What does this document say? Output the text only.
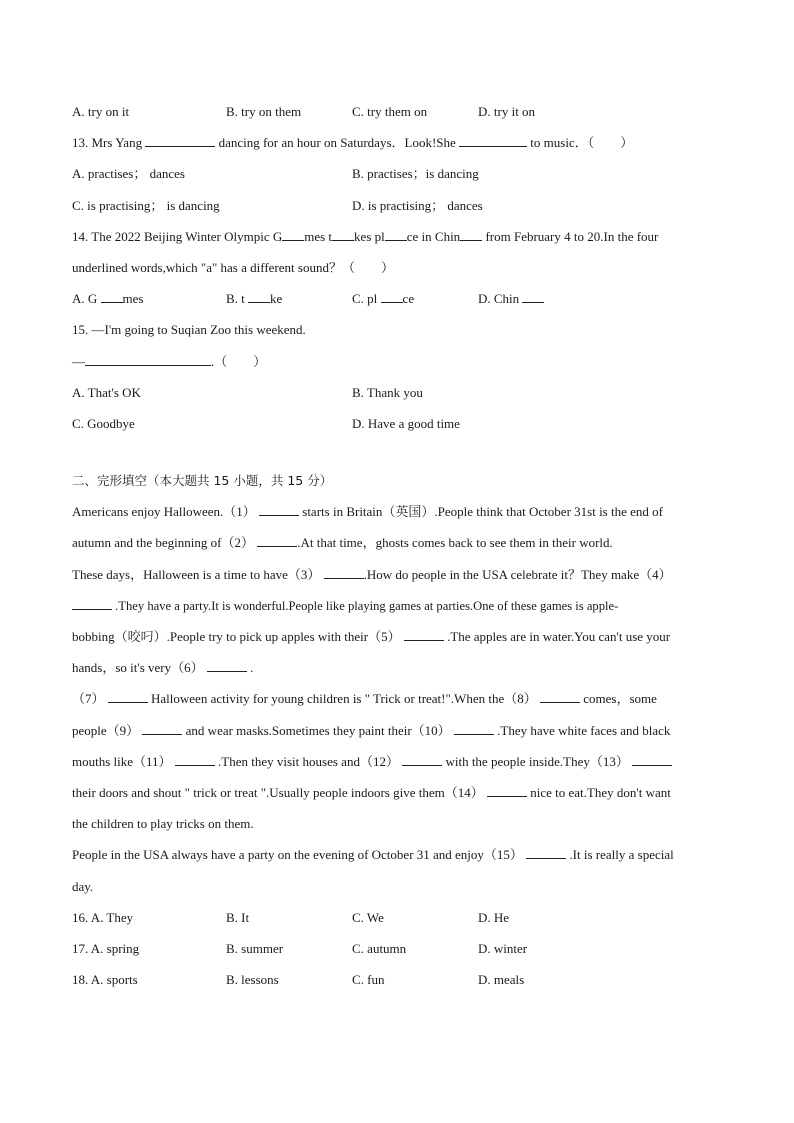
A. try on it	B. try on them	C. try them on	D. try it on
13. Mrs Yang	dancing for an hour on Saturdays．Look!She	to music．（　　）
A. practises； dances	B. practises；is dancing
C. is practising； is dancing	D. is practising； dances
14. The 2022 Beijing Winter Olympic G mes t kes pl ce in Chin from February 4 to 20.In the four
underlined words,which "a" has a different sound？（　　）
A. G mes	B. t ke	C. pl ce	D. Chin
15. —I'm going to Suqian Zoo this weekend.
—	.（　　）
A. That's OK	B. Thank you
C. Goodbye	D. Have a good time
二、完形填空（本大题共 15 小题，共 15 分）
Americans enjoy Halloween.（1）	starts in Britain（英国）.People think that October 31st is the end of
autumn and the beginning of（2）	.At that time，ghosts comes back to see them in their world.
These days，Halloween is a time to have（3）	.How do people in the USA celebrate it？They make（4）
.They have a party.It is wonderful.People like playing games at parties.One of these games is apple-
bobbing（咬叼）.People try to pick up apples with their（5）	.The apples are in water.You can't use your
hands，so it's very（6）	.
（7）	Halloween activity for young children is " Trick or treat!".When the（8）	comes，some
people（9）	and wear masks.Sometimes they paint their（10）	.They have white faces and black
mouths like（11）	.Then they visit houses and（12）	with the people inside.They（13）
their doors and shout " trick or treat ".Usually people indoors give them（14）	nice to eat.They don't want
the children to play tricks on them.
People in the USA always have a party on the evening of October 31 and enjoy（15）	.It is really a special
day.
16. A. They	B. It	C. We	D. He
17. A. spring	B. summer	C. autumn	D. winter
18. A. sports	B. lessons	C. fun	D. meals
